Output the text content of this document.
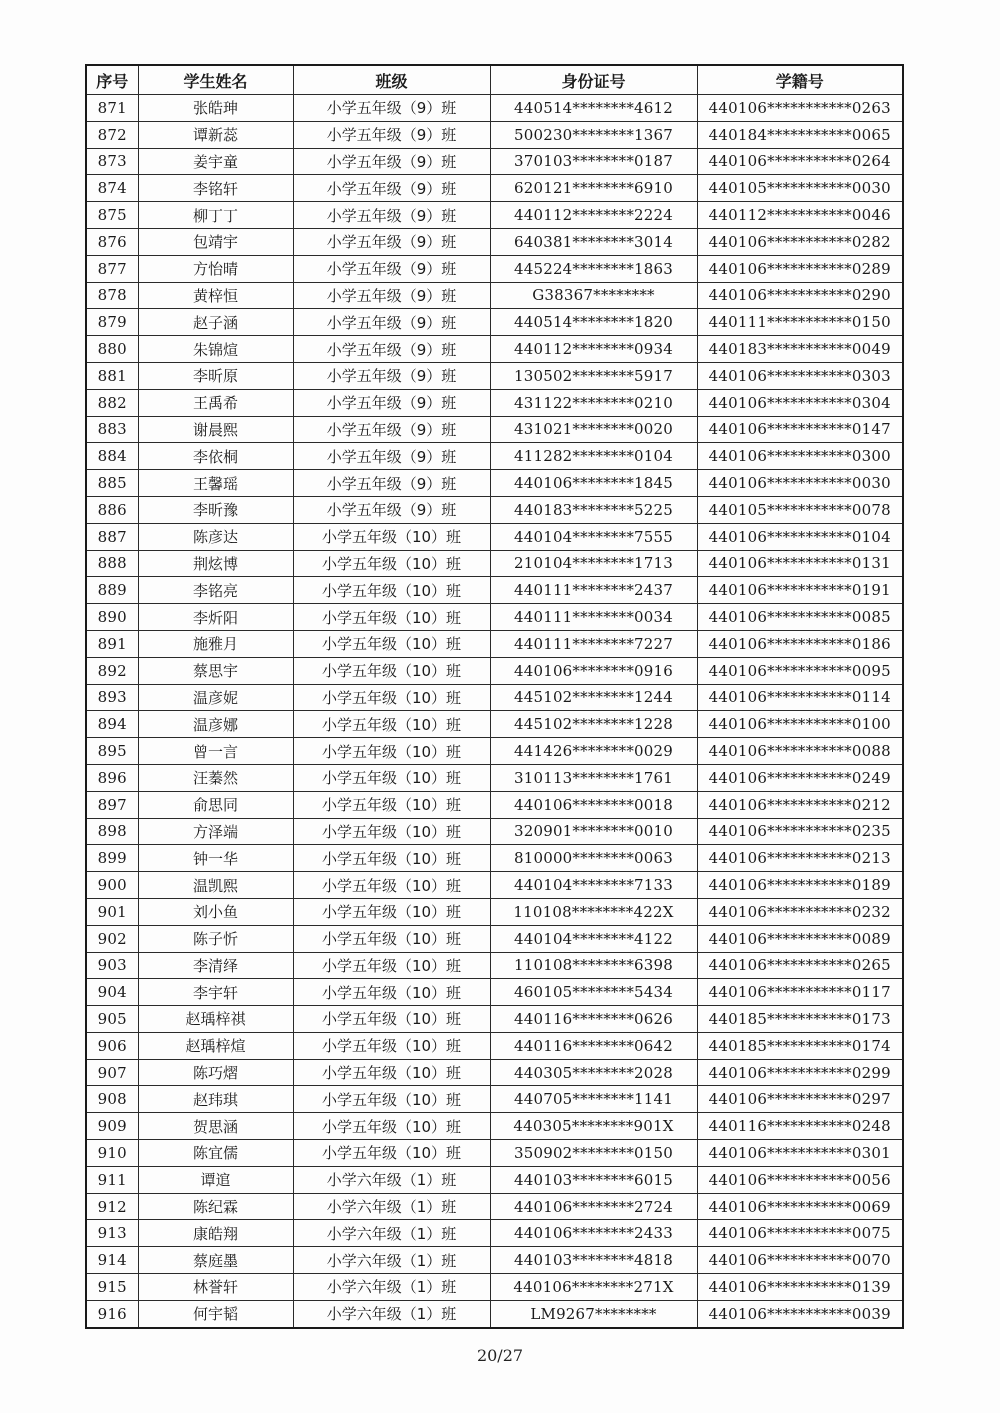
序号	学生姓名	班级	身份证号	学籍号
871	张皓珅	小学五年级（9）班	440514********4612	440106***********0263
872	谭新蕊	小学五年级（9）班	500230********1367	440184***********0065
873	姜宇童	小学五年级（9）班	370103********0187	440106***********0264
874	李铭轩	小学五年级（9）班	620121********6910	440105***********0030
875	柳丁丁	小学五年级（9）班	440112********2224	440112***********0046
876	包靖宇	小学五年级（9）班	640381********3014	440106***********0282
877	方怡晴	小学五年级（9）班	445224********1863	440106***********0289
878	黄梓恒	小学五年级（9）班	G38367********	440106***********0290
879	赵子涵	小学五年级（9）班	440514********1820	440111***********0150
880	朱锦煊	小学五年级（9）班	440112********0934	440183***********0049
881	李昕原	小学五年级（9）班	130502********5917	440106***********0303
882	王禹希	小学五年级（9）班	431122********0210	440106***********0304
883	谢晨熙	小学五年级（9）班	431021********0020	440106***********0147
884	李依桐	小学五年级（9）班	411282********0104	440106***********0300
885	王馨瑶	小学五年级（9）班	440106********1845	440106***********0030
886	李昕豫	小学五年级（9）班	440183********5225	440105***********0078
887	陈彦达	小学五年级（10）班	440104********7555	440106***********0104
888	荆炫博	小学五年级（10）班	210104********1713	440106***********0131
889	李铭亮	小学五年级（10）班	440111********2437	440106***********0191
890	李炘阳	小学五年级（10）班	440111********0034	440106***********0085
891	施雅月	小学五年级（10）班	440111********7227	440106***********0186
892	蔡思宇	小学五年级（10）班	440106********0916	440106***********0095
893	温彦妮	小学五年级（10）班	445102********1244	440106***********0114
894	温彦娜	小学五年级（10）班	445102********1228	440106***********0100
895	曾一言	小学五年级（10）班	441426********0029	440106***********0088
896	汪蓁然	小学五年级（10）班	310113********1761	440106***********0249
897	俞思同	小学五年级（10）班	440106********0018	440106***********0212
898	方泽端	小学五年级（10）班	320901********0010	440106***********0235
899	钟一华	小学五年级（10）班	810000********0063	440106***********0213
900	温凯熙	小学五年级（10）班	440104********7133	440106***********0189
901	刘小鱼	小学五年级（10）班	110108********422X	440106***********0232
902	陈子忻	小学五年级（10）班	440104********4122	440106***********0089
903	李清绎	小学五年级（10）班	110108********6398	440106***********0265
904	李宇轩	小学五年级（10）班	460105********5434	440106***********0117
905	赵瑀梓祺	小学五年级（10）班	440116********0626	440185***********0173
906	赵瑀梓煊	小学五年级（10）班	440116********0642	440185***********0174
907	陈巧熠	小学五年级（10）班	440305********2028	440106***********0299
908	赵玮琪	小学五年级（10）班	440705********1141	440106***********0297
909	贺思涵	小学五年级（10）班	440305********901X	440116***********0248
910	陈宜儒	小学五年级（10）班	350902********0150	440106***********0301
911	谭逭	小学六年级（1）班	440103********6015	440106***********0056
912	陈纪霖	小学六年级（1）班	440106********2724	440106***********0069
913	康皓翔	小学六年级（1）班	440106********2433	440106***********0075
914	蔡庭墨	小学六年级（1）班	440103********4818	440106***********0070
915	林誉轩	小学六年级（1）班	440106********271X	440106***********0139
916	何宇韬	小学六年级（1）班	LM9267********	440106***********0039
20/27
